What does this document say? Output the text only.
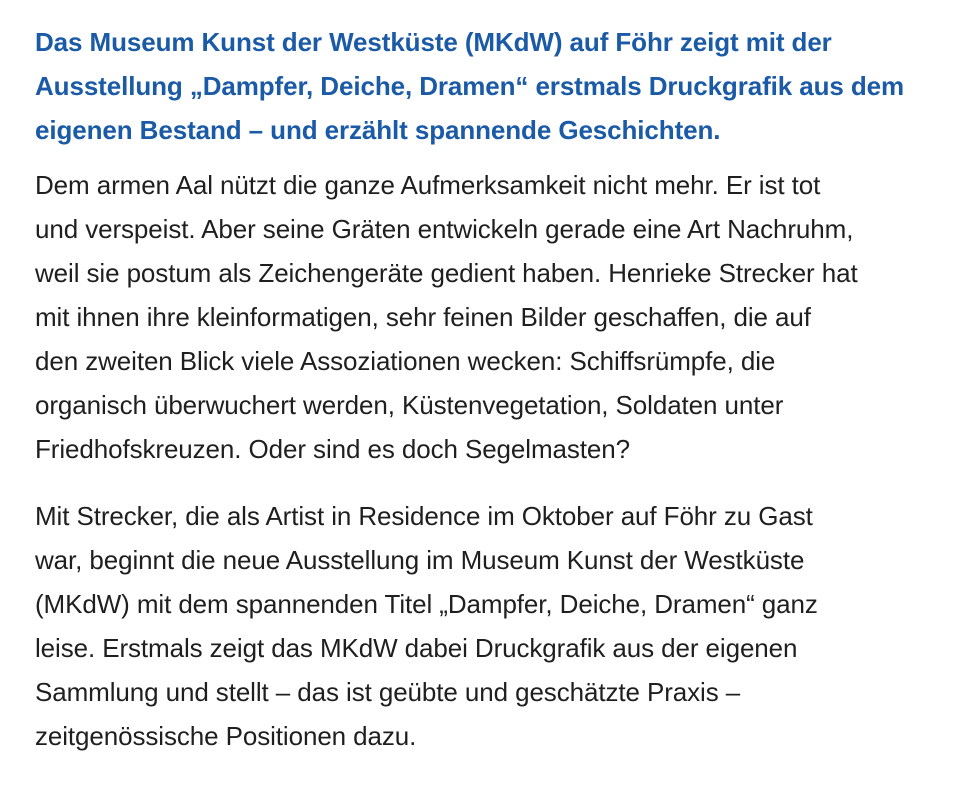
Das Museum Kunst der Westküste (MKdW) auf Föhr zeigt mit der
Ausstellung „Dampfer, Deiche, Dramen“ erstmals Druckgrafik aus dem
eigenen Bestand – und erzählt spannende Geschichten.

Dem armen Aal nützt die ganze Aufmerksamkeit nicht mehr. Er ist tot
und verspeist. Aber seine Gräten entwickeln gerade eine Art Nachruhm,
weil sie postum als Zeichengeräte gedient haben. Henrieke Strecker hat
mit ihnen ihre kleinformatigen, sehr feinen Bilder geschaffen, die auf
den zweiten Blick viele Assoziationen wecken: Schiffsrümpfe, die
organisch überwuchert werden, Küstenvegetation, Soldaten unter
Friedhofskreuzen. Oder sind es doch Segelmasten?

Mit Strecker, die als Artist in Residence im Oktober auf Föhr zu Gast
war, beginnt die neue Ausstellung im Museum Kunst der Westküste
(MKdW) mit dem spannenden Titel „Dampfer, Deiche, Dramen“ ganz
leise. Erstmals zeigt das MKdW dabei Druckgrafik aus der eigenen
Sammlung und stellt – das ist geübte und geschätzte Praxis –
zeitgenössische Positionen dazu.
